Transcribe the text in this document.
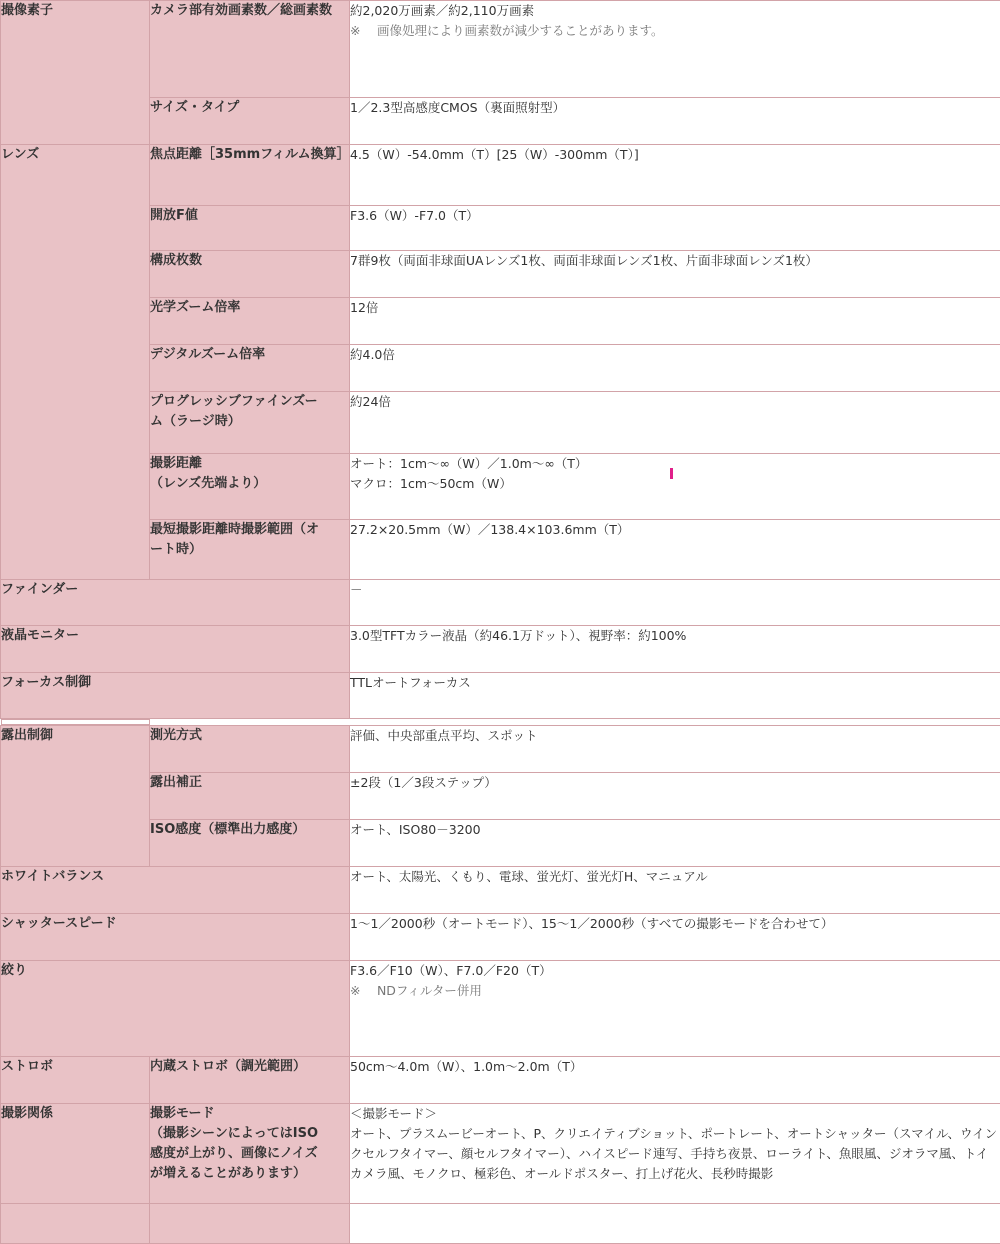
撮像素子	カメラ部有効画素数／総画素数	約2,020万画素／約2,110万画素
※　 画像処理により画素数が減少することがあります。

	サイズ・タイプ	1／2.3型高感度CMOS（裏面照射型）
レンズ	焦点距離［35mmフィルム換算］	4.5（W）-54.0mm（T）[25（W）-300mm（T）]
	開放F値	F3.6（W）-F7.0（T）
	構成枚数	7群9枚（両面非球面UAレンズ1枚、両面非球面レンズ1枚、片面非球面レンズ1枚）
	光学ズーム倍率	12倍
	デジタルズーム倍率	約4.0倍

	プログレッシブファインズー
ム（ラージ時）	約24倍

	撮影距離
（レンズ先端より）	オート：1cm〜∞（W）／1.0m〜∞（T）
マクロ：1cm〜50cm（W）

	最短撮影距離時撮影範囲（オ
ート時）	27.2×20.5mm（W）／138.4×103.6mm（T）
ファインダー		－
液晶モニター		3.0型TFTカラー液晶（約46.1万ドット）、視野率：約100%
フォーカス制御		TTLオートフォーカス

露出制御	測光方式	評価、中央部重点平均、スポット
	露出補正	±2段（1／3段ステップ）
	ISO感度（標準出力感度）	オート、ISO80－3200
ホワイトバランス		オート、太陽光、くもり、電球、蛍光灯、蛍光灯H、マニュアル
シャッタースピード		1〜1／2000秒（オートモード）、15〜1／2000秒（すべての撮影モードを合わせて）
絞り		F3.6／F10（W）、F7.0／F20（T）
※　 NDフィルター併用

ストロボ	内蔵ストロボ（調光範囲）	50cm〜4.0m（W）、1.0m〜2.0m（T）
撮影関係	撮影モード
（撮影シーンによってはISO
感度が上がり、画像にノイズ
が増えることがあります）	＜撮影モード＞
オート、プラスムービーオート、P、クリエイティブショット、ポートレート、オートシャッター（スマイル、ウインクセルフタイマー、顔セルフタイマー）、ハイスピード連写、手持ち夜景、ローライト、魚眼風、ジオラマ風、トイカメラ風、モノクロ、極彩色、オールドポスター、打上げ花火、長秒時撮影
